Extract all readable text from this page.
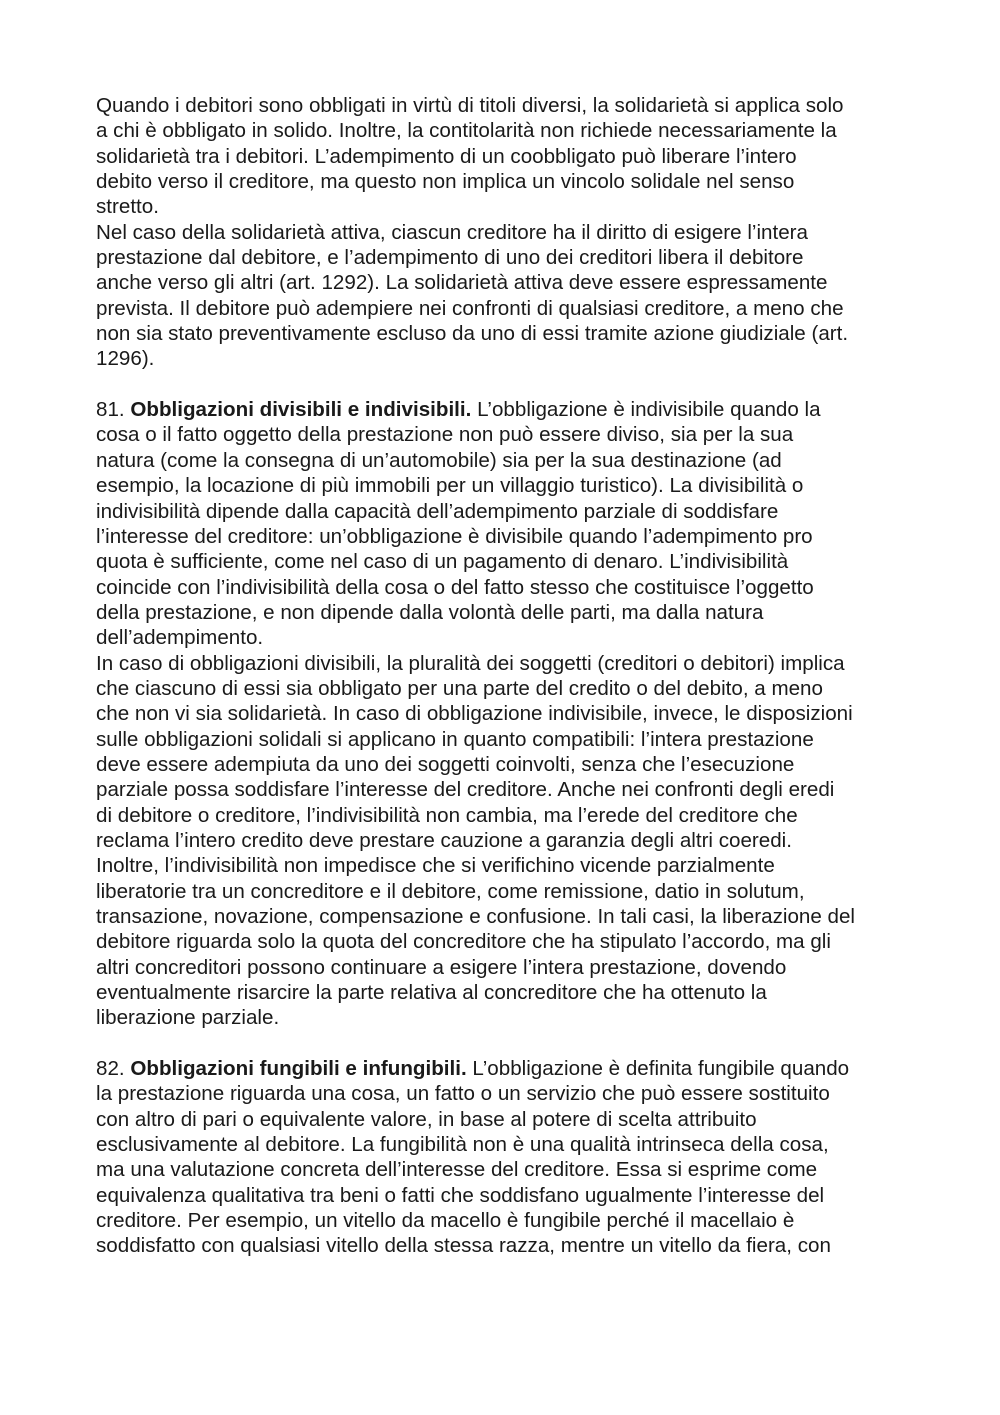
Quando i debitori sono obbligati in virtù di titoli diversi, la solidarietà si applica solo
a chi è obbligato in solido. Inoltre, la contitolarità non richiede necessariamente la
solidarietà tra i debitori. L’adempimento di un coobbligato può liberare l’intero
debito verso il creditore, ma questo non implica un vincolo solidale nel senso
stretto.
Nel caso della solidarietà attiva, ciascun creditore ha il diritto di esigere l’intera
prestazione dal debitore, e l’adempimento di uno dei creditori libera il debitore
anche verso gli altri (art. 1292). La solidarietà attiva deve essere espressamente
prevista. Il debitore può adempiere nei confronti di qualsiasi creditore, a meno che
non sia stato preventivamente escluso da uno di essi tramite azione giudiziale (art.
1296).
81. Obbligazioni divisibili e indivisibili. L’obbligazione è indivisibile quando la
cosa o il fatto oggetto della prestazione non può essere diviso, sia per la sua
natura (come la consegna di un’automobile) sia per la sua destinazione (ad
esempio, la locazione di più immobili per un villaggio turistico). La divisibilità o
indivisibilità dipende dalla capacità dell’adempimento parziale di soddisfare
l’interesse del creditore: un’obbligazione è divisibile quando l’adempimento pro
quota è sufficiente, come nel caso di un pagamento di denaro. L’indivisibilità
coincide con l’indivisibilità della cosa o del fatto stesso che costituisce l’oggetto
della prestazione, e non dipende dalla volontà delle parti, ma dalla natura
dell’adempimento.
In caso di obbligazioni divisibili, la pluralità dei soggetti (creditori o debitori) implica
che ciascuno di essi sia obbligato per una parte del credito o del debito, a meno
che non vi sia solidarietà. In caso di obbligazione indivisibile, invece, le disposizioni
sulle obbligazioni solidali si applicano in quanto compatibili: l’intera prestazione
deve essere adempiuta da uno dei soggetti coinvolti, senza che l’esecuzione
parziale possa soddisfare l’interesse del creditore. Anche nei confronti degli eredi
di debitore o creditore, l’indivisibilità non cambia, ma l’erede del creditore che
reclama l’intero credito deve prestare cauzione a garanzia degli altri coeredi.
Inoltre, l’indivisibilità non impedisce che si verifichino vicende parzialmente
liberatorie tra un concreditore e il debitore, come remissione, datio in solutum,
transazione, novazione, compensazione e confusione. In tali casi, la liberazione del
debitore riguarda solo la quota del concreditore che ha stipulato l’accordo, ma gli
altri concreditori possono continuare a esigere l’intera prestazione, dovendo
eventualmente risarcire la parte relativa al concreditore che ha ottenuto la
liberazione parziale.
82. Obbligazioni fungibili e infungibili. L’obbligazione è definita fungibile quando
la prestazione riguarda una cosa, un fatto o un servizio che può essere sostituito
con altro di pari o equivalente valore, in base al potere di scelta attribuito
esclusivamente al debitore. La fungibilità non è una qualità intrinseca della cosa,
ma una valutazione concreta dell’interesse del creditore. Essa si esprime come
equivalenza qualitativa tra beni o fatti che soddisfano ugualmente l’interesse del
creditore. Per esempio, un vitello da macello è fungibile perché il macellaio è
soddisfatto con qualsiasi vitello della stessa razza, mentre un vitello da fiera, con
